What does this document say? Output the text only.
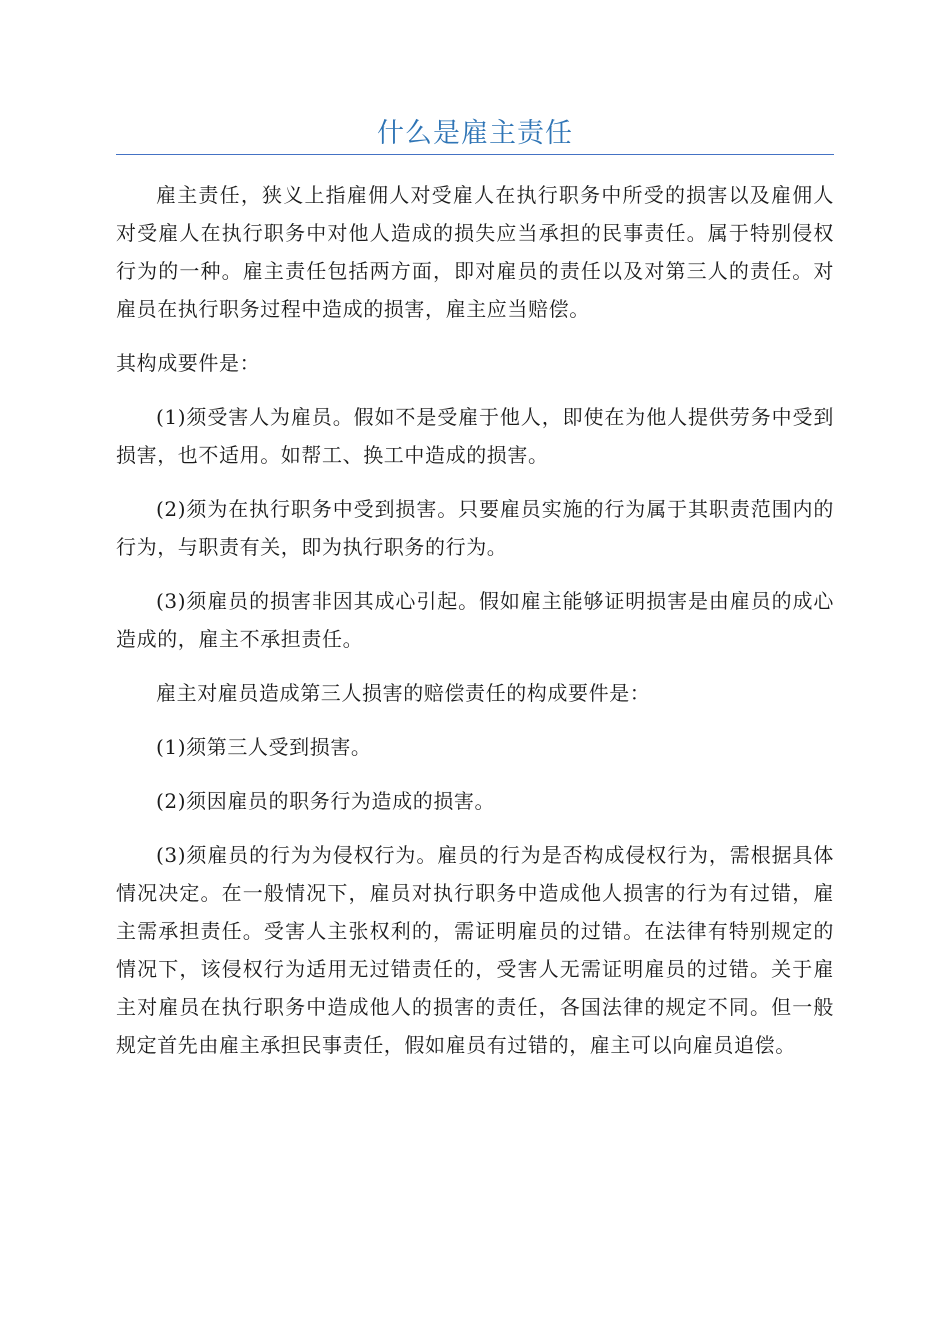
什么是雇主责任

雇主责任，狭义上指雇佣人对受雇人在执行职务中所受的损害以及雇佣人对受雇人在执行职务中对他人造成的损失应当承担的民事责任。属于特别侵权行为的一种。雇主责任包括两方面，即对雇员的责任以及对第三人的责任。对雇员在执行职务过程中造成的损害，雇主应当赔偿。

其构成要件是：

(1)须受害人为雇员。假如不是受雇于他人，即使在为他人提供劳务中受到损害，也不适用。如帮工、换工中造成的损害。

(2)须为在执行职务中受到损害。只要雇员实施的行为属于其职责范围内的行为，与职责有关，即为执行职务的行为。

(3)须雇员的损害非因其成心引起。假如雇主能够证明损害是由雇员的成心造成的，雇主不承担责任。

雇主对雇员造成第三人损害的赔偿责任的构成要件是：

(1)须第三人受到损害。

(2)须因雇员的职务行为造成的损害。

(3)须雇员的行为为侵权行为。雇员的行为是否构成侵权行为，需根据具体情况决定。在一般情况下，雇员对执行职务中造成他人损害的行为有过错，雇主需承担责任。受害人主张权利的，需证明雇员的过错。在法律有特别规定的情况下，该侵权行为适用无过错责任的，受害人无需证明雇员的过错。关于雇主对雇员在执行职务中造成他人的损害的责任，各国法律的规定不同。但一般规定首先由雇主承担民事责任，假如雇员有过错的，雇主可以向雇员追偿。
